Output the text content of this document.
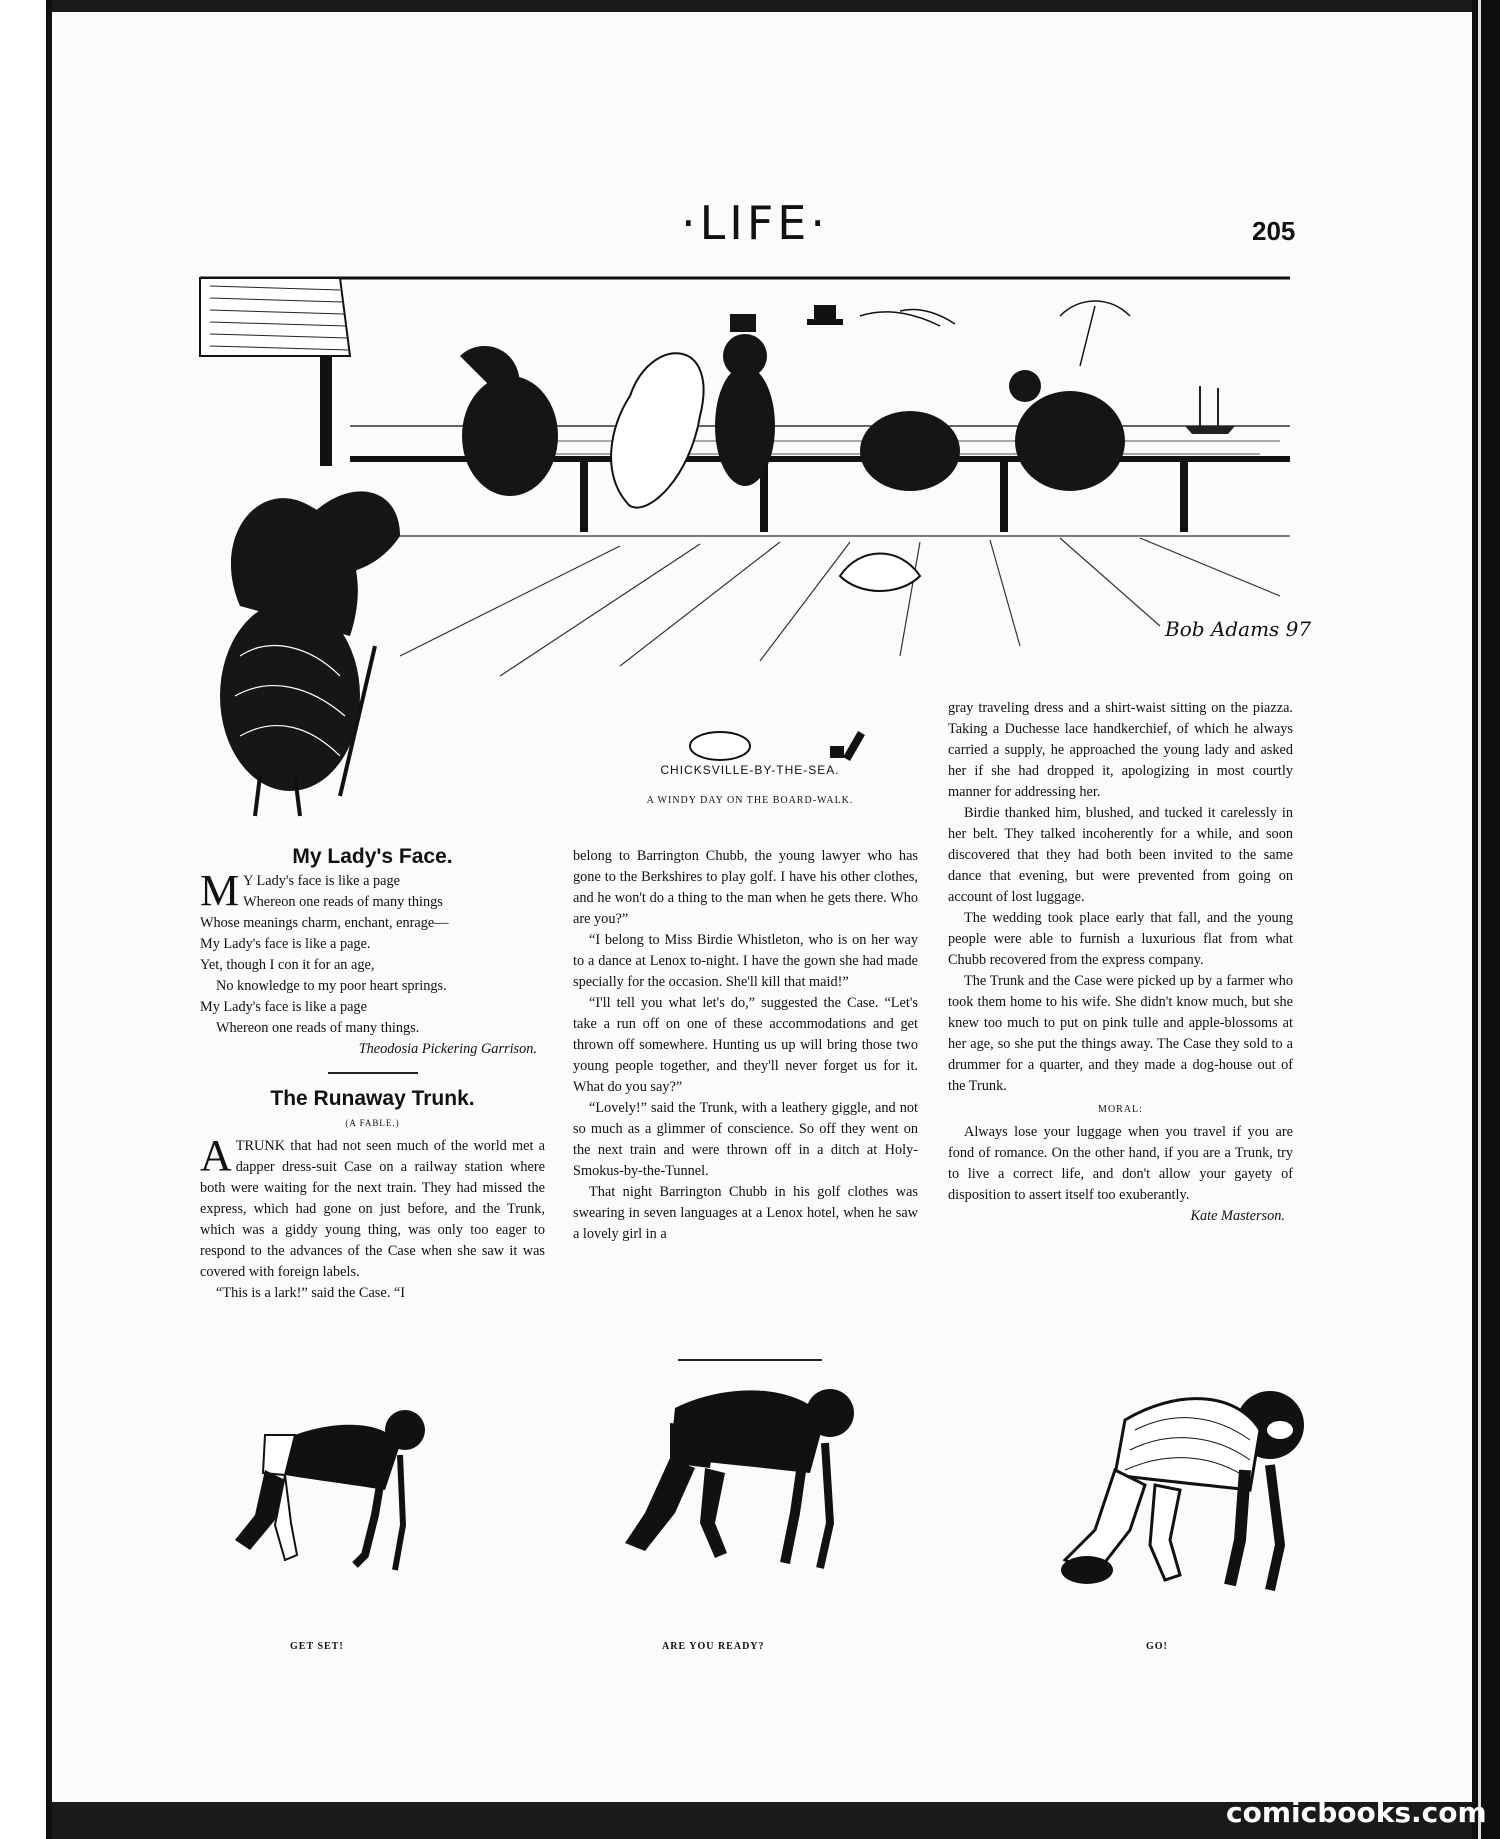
·LIFE·	205
Bob Adams 97
CHICKSVILLE-BY-THE-SEA.
A WINDY DAY ON THE BOARD-WALK.
My Lady's Face.
M Y Lady's face is like a page
Whereon one reads of many things
Whose meanings charm, enchant, enrage—
My Lady's face is like a page.
Yet, though I con it for an age,
No knowledge to my poor heart springs.
My Lady's face is like a page
Whereon one reads of many things.
Theodosia Pickering Garrison.
The Runaway Trunk.
(A FABLE.)

ATRUNK that had not seen much of the world met a dapper dress-suit Case on a railway station where both were waiting for the next train. They had missed the express, which had gone on just before, and the Trunk, which was a giddy young thing, was only too eager to respond to the advances of the Case when she saw it was covered with foreign labels.

“This is a lark!” said the Case. “I

belong to Barrington Chubb, the young lawyer who has gone to the Berkshires to play golf. I have his other clothes, and he won't do a thing to the man when he gets there. Who are you?”

“I belong to Miss Birdie Whistleton, who is on her way to a dance at Lenox to-night. I have the gown she had made specially for the occasion. She'll kill that maid!”

“I'll tell you what let's do,” suggested the Case. “Let's take a run off on one of these accommodations and get thrown off somewhere. Hunting us up will bring those two young people together, and they'll never forget us for it. What do you say?”

“Lovely!” said the Trunk, with a leathery giggle, and not so much as a glimmer of conscience. So off they went on the next train and were thrown off in a ditch at Holy-Smokus-by-the-Tunnel.

That night Barrington Chubb in his golf clothes was swearing in seven languages at a Lenox hotel, when he saw a lovely girl in a

gray traveling dress and a shirt-waist sitting on the piazza. Taking a Duchesse lace handkerchief, of which he always carried a supply, he approached the young lady and asked her if she had dropped it, apologizing in most courtly manner for addressing her.

Birdie thanked him, blushed, and tucked it carelessly in her belt. They talked incoherently for a while, and soon discovered that they had both been invited to the same dance that evening, but were prevented from going on account of lost luggage.

The wedding took place early that fall, and the young people were able to furnish a luxurious flat from what Chubb recovered from the express company.

The Trunk and the Case were picked up by a farmer who took them home to his wife. She didn't know much, but she knew too much to put on pink tulle and apple-blossoms at her age, so she put the things away. The Case they sold to a drummer for a quarter, and they made a dog-house out of the Trunk.

MORAL:

Always lose your luggage when you travel if you are fond of romance. On the other hand, if you are a Trunk, try to live a correct life, and don't allow your gayety of disposition to assert itself too exuberantly.

Kate Masterson.
GET SET!	ARE YOU READY?	GO!
comicbooks.com
